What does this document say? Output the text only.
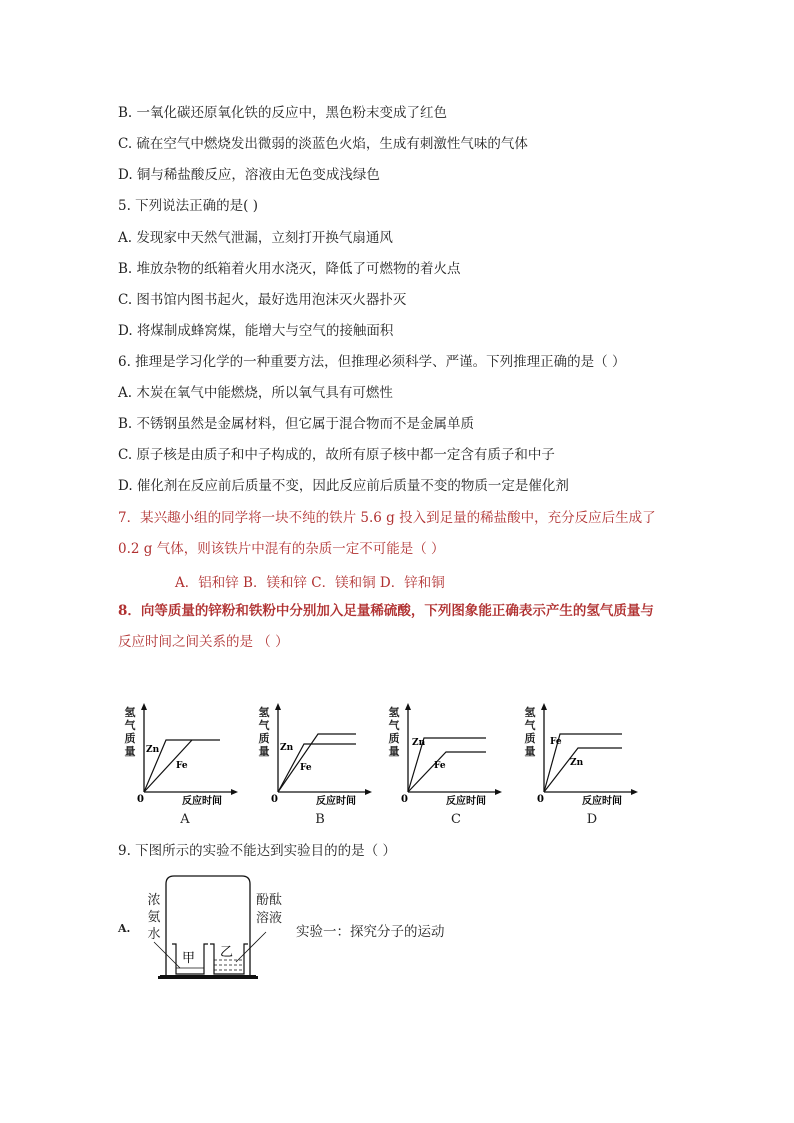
B. 一氧化碳还原氧化铁的反应中，黑色粉末变成了红色
C. 硫在空气中燃烧发出微弱的淡蓝色火焰，生成有刺激性气味的气体
D. 铜与稀盐酸反应，溶液由无色变成浅绿色
5. 下列说法正确的是( )
A. 发现家中天然气泄漏，立刻打开换气扇通风
B. 堆放杂物的纸箱着火用水浇灭，降低了可燃物的着火点
C. 图书馆内图书起火，最好选用泡沫灭火器扑灭
D. 将煤制成蜂窝煤，能增大与空气的接触面积
6. 推理是学习化学的一种重要方法，但推理必须科学、严谨。下列推理正确的是（ ）
A. 木炭在氧气中能燃烧，所以氧气具有可燃性
B. 不锈钢虽然是金属材料，但它属于混合物而不是金属单质
C. 原子核是由质子和中子构成的，故所有原子核中都一定含有质子和中子
D. 催化剂在反应前后质量不变，因此反应前后质量不变的物质一定是催化剂
7．某兴趣小组的同学将一块不纯的铁片 5.6 g 投入到足量的稀盐酸中，充分反应后生成了
0.2 g 气体，则该铁片中混有的杂质一定不可能是（ ）
A．铝和锌 B．镁和锌 C．镁和铜 D．锌和铜
8．向等质量的锌粉和铁粉中分别加入足量稀硫酸，下列图象能正确表示产生的氢气质量与
反应时间之间关系的是 （ ）
氢气质量 Zn
Fe
0	反应时间
A
氢气质量 Zn
Fe
0	反应时间
B
氢气质量
Zn
Fe
0	反应时间
C
氢气质量
Fe
Zn
0	反应时间
D
9. 下图所示的实验不能达到实验目的的是（ ）
A.
浓氨水
酚酞溶液
甲 乙
实验一：探究分子的运动
